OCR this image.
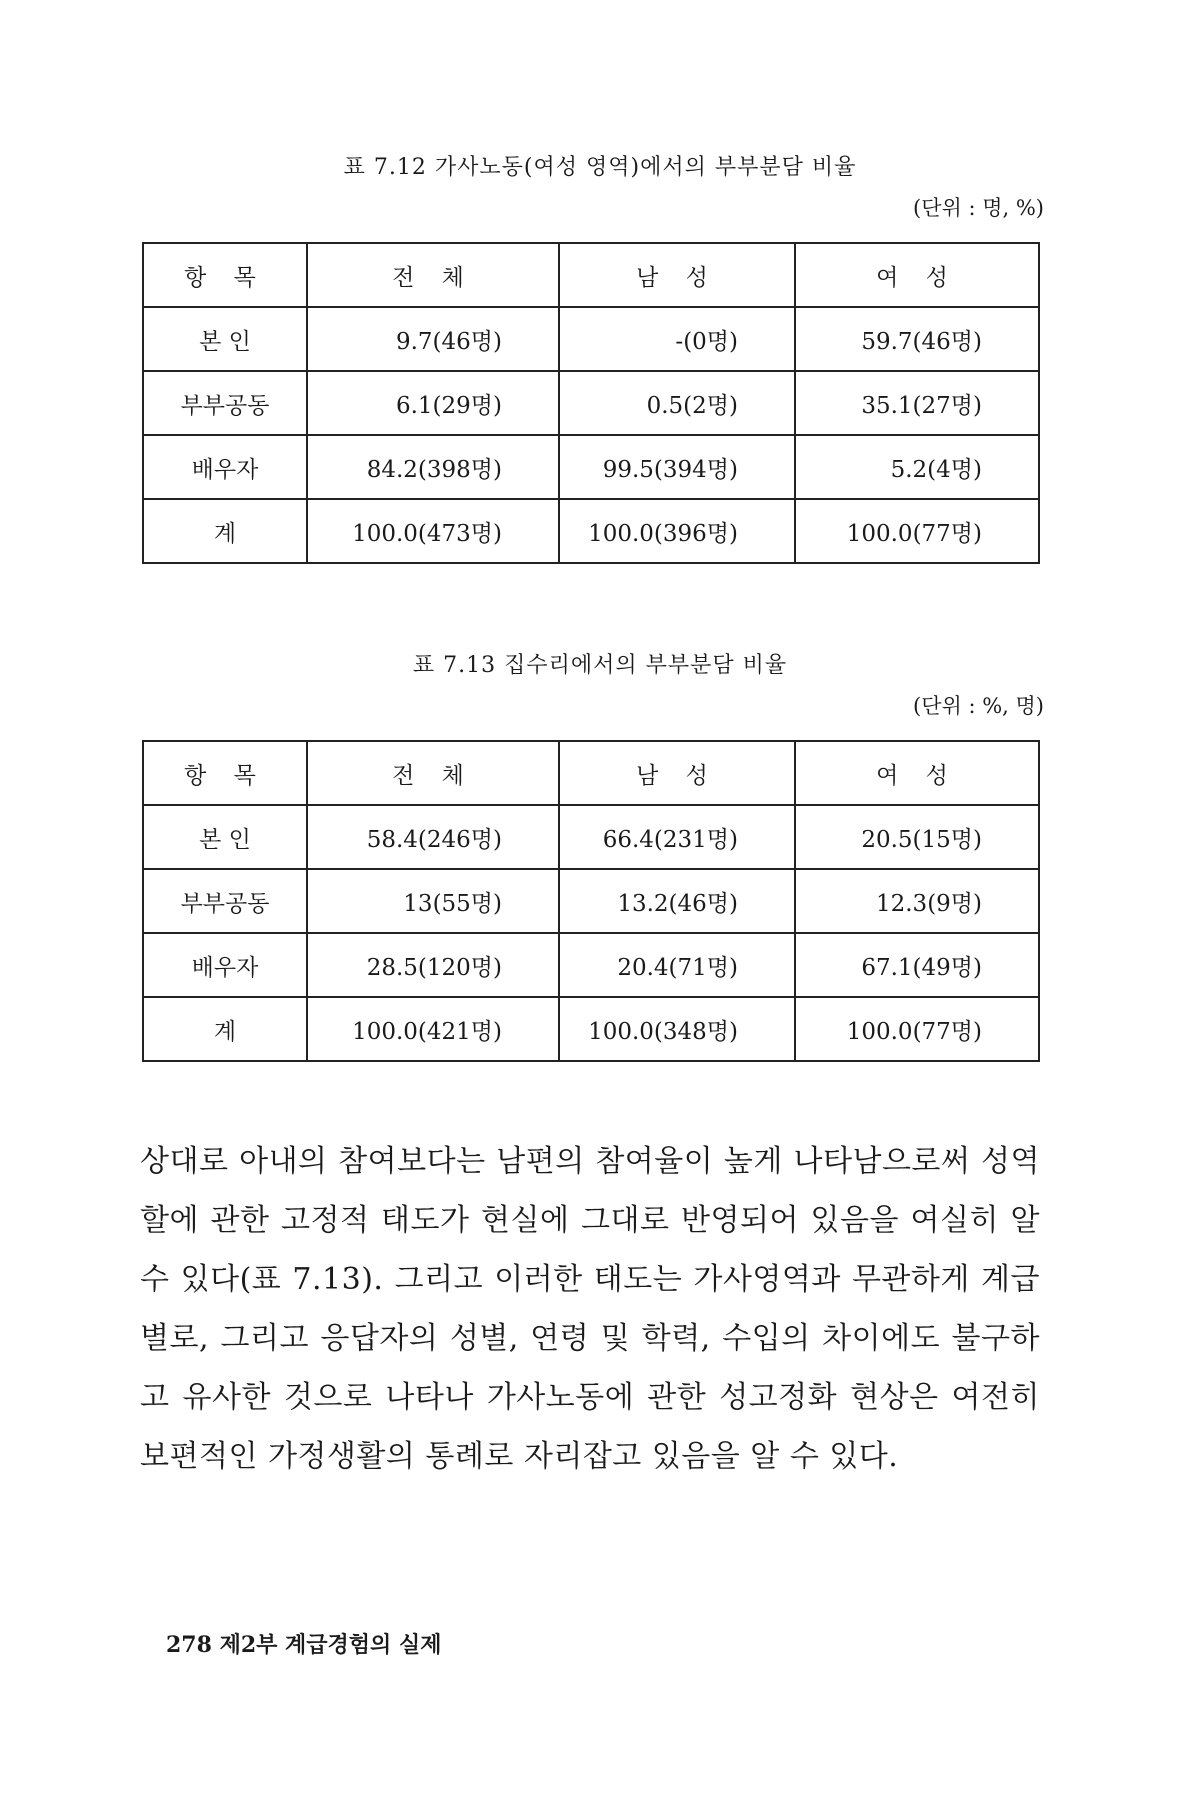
표 7.12 가사노동(여성 영역)에서의 부부분담 비율
(단위 : 명, %)
항 목	전 체	남 성	여 성
본 인	9.7(46명)	-(0명)	59.7(46명)
부부공동	6.1(29명)	0.5(2명)	35.1(27명)
배우자	84.2(398명)	99.5(394명)	5.2(4명)
계	100.0(473명)	100.0(396명)	100.0(77명)
표 7.13 집수리에서의 부부분담 비율
(단위 : %, 명)
항 목	전 체	남 성	여 성
본 인	58.4(246명)	66.4(231명)	20.5(15명)
부부공동	13(55명)	13.2(46명)	12.3(9명)
배우자	28.5(120명)	20.4(71명)	67.1(49명)
계	100.0(421명)	100.0(348명)	100.0(77명)
상대로 아내의 참여보다는 남편의 참여율이 높게 나타남으로써 성역할에 관한 고정적 태도가 현실에 그대로 반영되어 있음을 여실히 알 수 있다(표 7.13). 그리고 이러한 태도는 가사영역과 무관하게 계급별로, 그리고 응답자의 성별, 연령 및 학력, 수입의 차이에도 불구하고 유사한 것으로 나타나 가사노동에 관한 성고정화 현상은 여전히 보편적인 가정생활의 통례로 자리잡고 있음을 알 수 있다.
278 제2부 계급경험의 실제
